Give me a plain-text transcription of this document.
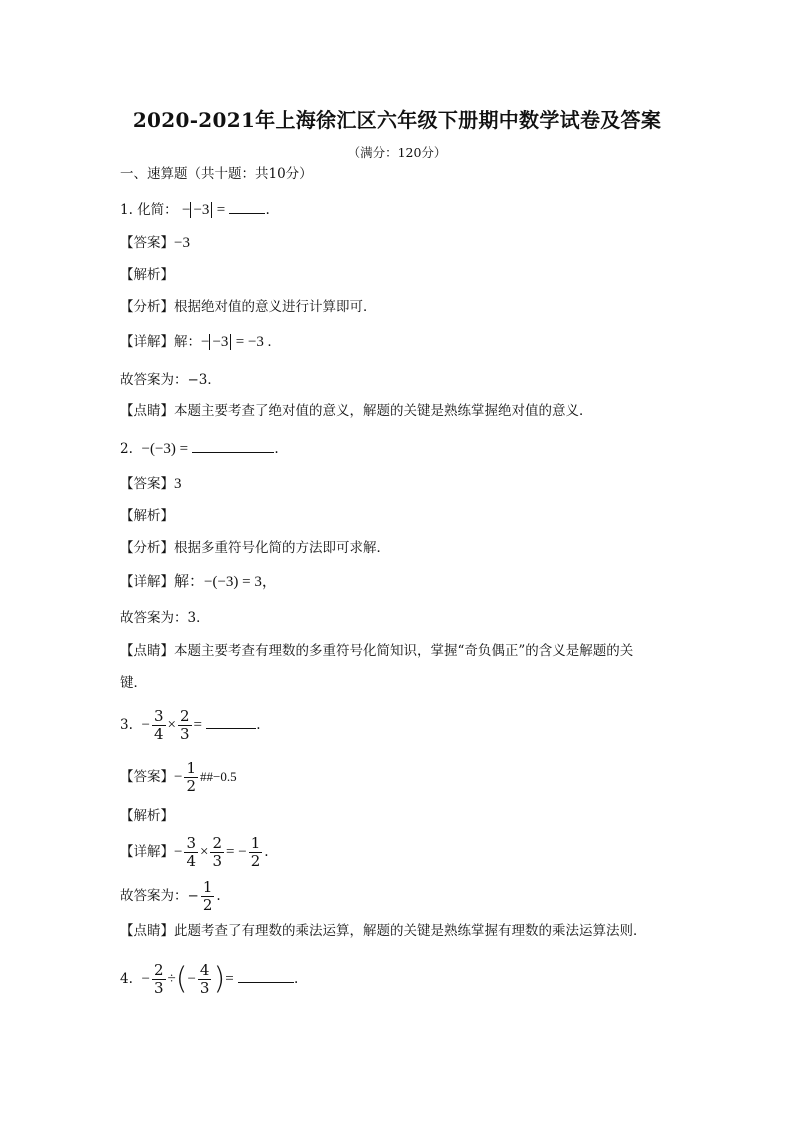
2020-2021年上海徐汇区六年级下册期中数学试卷及答案
（满分：120分）
一、速算题（共十题：共10分）
1. 化简： − −3 =	.
【答案】−3
【解析】
【分析】根据绝对值的意义进行计算即可．
【详解】解：− −3 = −3 .
故答案为：−3．
【点睛】本题主要考查了绝对值的意义，解题的关键是熟练掌握绝对值的意义．
2. −(−3) =	.
【答案】3
【解析】
【分析】根据多重符号化简的方法即可求解．
【详解】解：−(−3) = 3，
故答案为：3．
【点睛】本题主要考查有理数的多重符号化简知识，掌握“奇负偶正”的含义是解题的关
键．
3. − $\frac{3}{4} \times \frac{2}{3}$ =	.
【答案】− $\frac{1}{2}$ ##−0.5
【解析】
【详解】− $\frac{3}{4} \times \frac{2}{3}$ = − $\frac{1}{2}$ .
故答案为：− $\frac{1}{2}$ .
【点睛】此题考查了有理数的乘法运算，解题的关键是熟练掌握有理数的乘法运算法则．
4. − $\frac{2}{3}$ ÷(− $\frac{4}{3}$ )=	.
